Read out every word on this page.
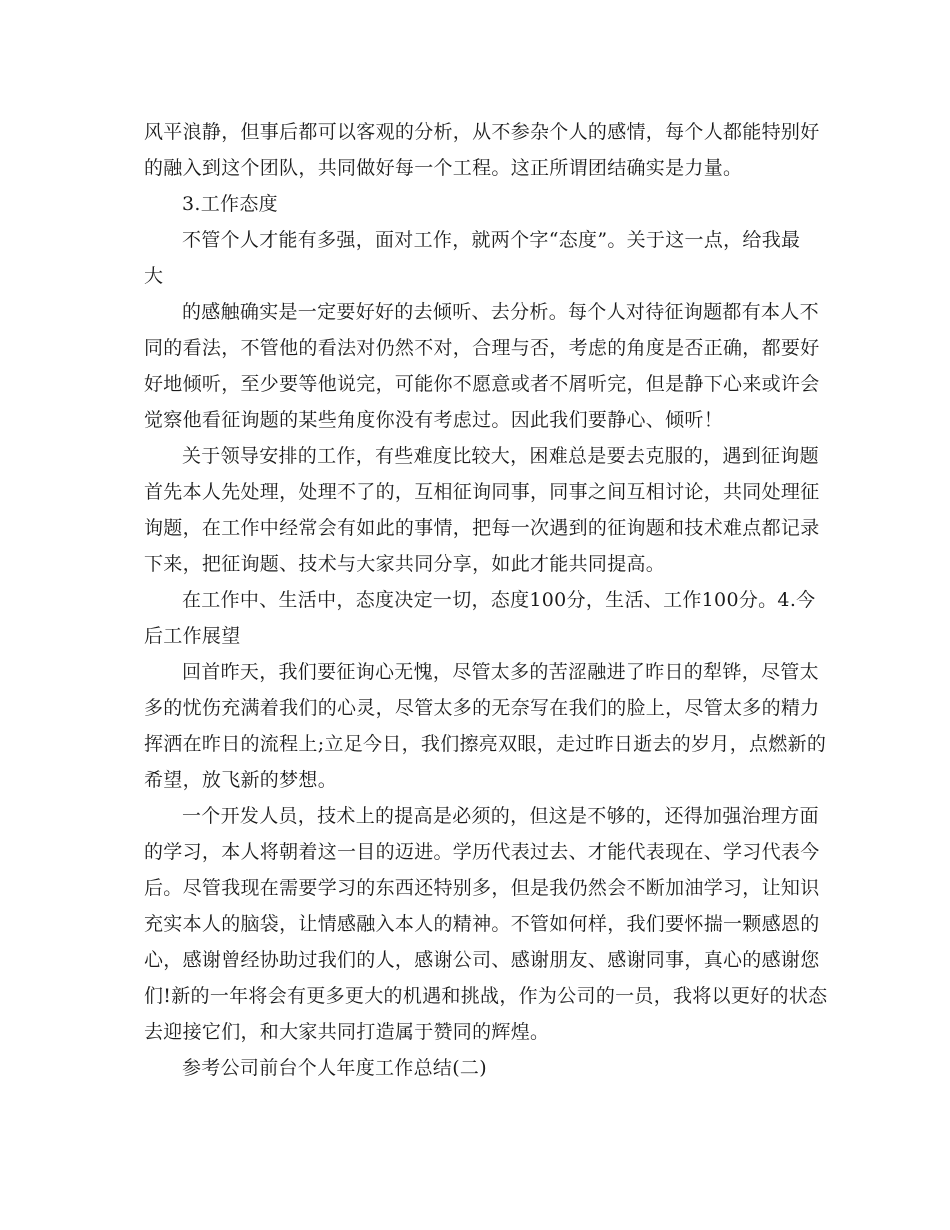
风平浪静，但事后都可以客观的分析，从不参杂个人的感情，每个人都能特别好
的融入到这个团队，共同做好每一个工程。这正所谓团结确实是力量。
3.工作态度
不管个人才能有多强，面对工作，就两个字“态度”。关于这一点，给我最
大
的感触确实是一定要好好的去倾听、去分析。每个人对待征询题都有本人不
同的看法，不管他的看法对仍然不对，合理与否，考虑的角度是否正确，都要好
好地倾听，至少要等他说完，可能你不愿意或者不屑听完，但是静下心来或许会
觉察他看征询题的某些角度你没有考虑过。因此我们要静心、倾听！
关于领导安排的工作，有些难度比较大，困难总是要去克服的，遇到征询题
首先本人先处理，处理不了的，互相征询同事，同事之间互相讨论，共同处理征
询题，在工作中经常会有如此的事情，把每一次遇到的征询题和技术难点都记录
下来，把征询题、技术与大家共同分享，如此才能共同提高。
在工作中、生活中，态度决定一切，态度100分，生活、工作100分。4.今
后工作展望
回首昨天，我们要征询心无愧，尽管太多的苦涩融进了昨日的犁铧，尽管太
多的忧伤充满着我们的心灵，尽管太多的无奈写在我们的脸上，尽管太多的精力
挥洒在昨日的流程上;立足今日，我们擦亮双眼，走过昨日逝去的岁月，点燃新的
希望，放飞新的梦想。
一个开发人员，技术上的提高是必须的，但这是不够的，还得加强治理方面
的学习，本人将朝着这一目的迈进。学历代表过去、才能代表现在、学习代表今
后。尽管我现在需要学习的东西还特别多，但是我仍然会不断加油学习，让知识
充实本人的脑袋，让情感融入本人的精神。不管如何样，我们要怀揣一颗感恩的
心，感谢曾经协助过我们的人，感谢公司、感谢朋友、感谢同事，真心的感谢您
们!新的一年将会有更多更大的机遇和挑战，作为公司的一员，我将以更好的状态
去迎接它们，和大家共同打造属于赞同的辉煌。
参考公司前台个人年度工作总结(二)
